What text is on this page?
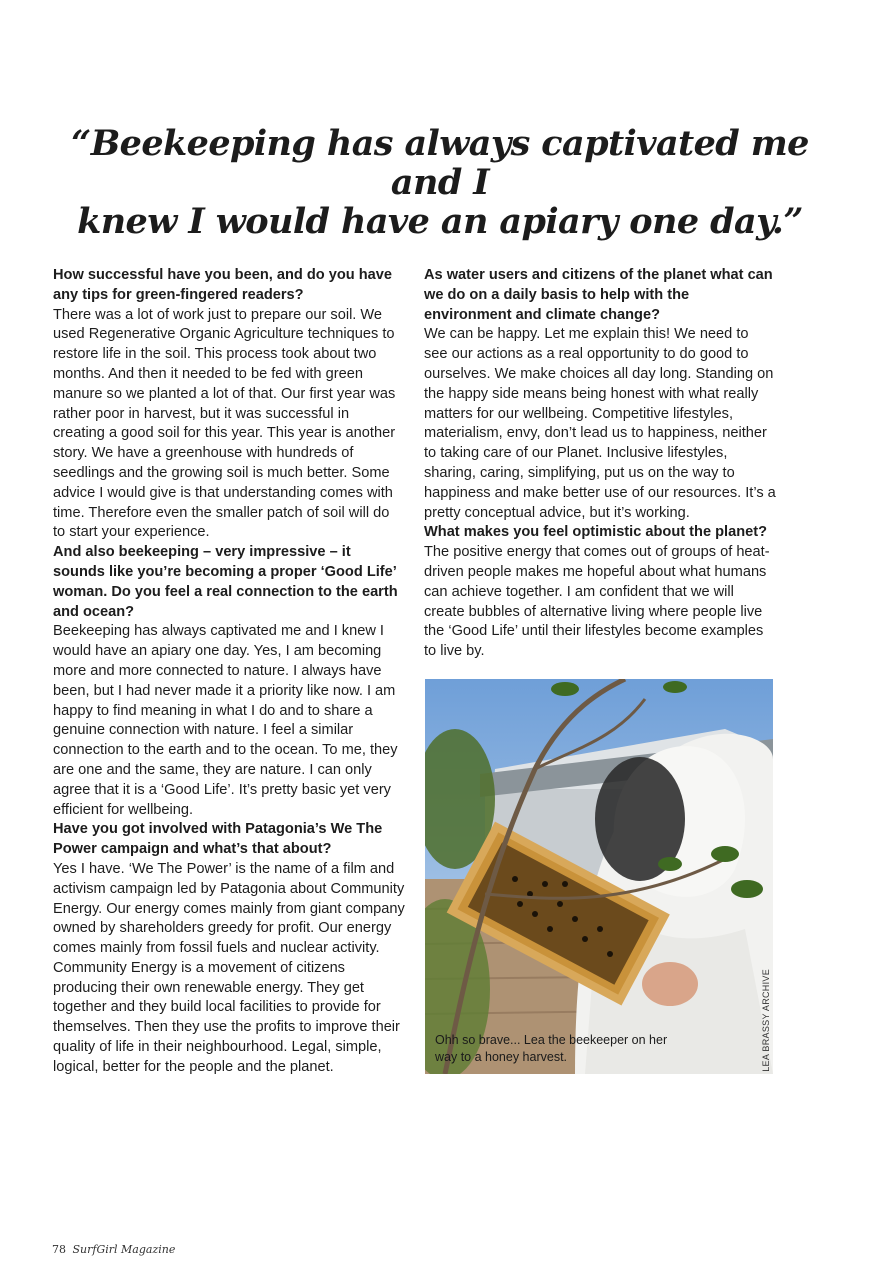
“Beekeeping has always captivated me and I
knew I would have an apiary one day.”

How successful have you been, and do you have any tips for green-fingered readers?

There was a lot of work just to prepare our soil. We used Regenerative Organic Agriculture techniques to restore life in the soil. This process took about two months. And then it needed to be fed with green manure so we planted a lot of that. Our first year was rather poor in harvest, but it was successful in creating a good soil for this year. This year is another story. We have a greenhouse with hundreds of seedlings and the growing soil is much better. Some advice I would give is that understanding comes with time. Therefore even the smaller patch of soil will do to start your experience.

And also beekeeping – very impressive – it sounds like you’re becoming a proper ‘Good Life’ woman. Do you feel a real connection to the earth and ocean?

Beekeeping has always captivated me and I knew I would have an apiary one day. Yes, I am becoming more and more connected to nature. I always have been, but I had never made it a priority like now. I am happy to find meaning in what I do and to share a genuine connection with nature. I feel a similar connection to the earth and to the ocean. To me, they are one and the same, they are nature. I can only agree that it is a ‘Good Life’. It’s pretty basic yet very efficient for wellbeing.

Have you got involved with Patagonia’s We The Power campaign and what’s that about?

Yes I have. ‘We The Power’ is the name of a film and activism campaign led by Patagonia about Community Energy. Our energy comes mainly from giant company owned by shareholders greedy for profit. Our energy comes mainly from fossil fuels and nuclear activity. Community Energy is a movement of citizens producing their own renewable energy. They get together and they build local facilities to provide for themselves. Then they use the profits to improve their quality of life in their neighbourhood. Legal, simple, logical, better for the people and the planet.

As water users and citizens of the planet what can we do on a daily basis to help with the environment and climate change?

We can be happy. Let me explain this! We need to see our actions as a real opportunity to do good to ourselves. We make choices all day long. Standing on the happy side means being honest with what really matters for our wellbeing. Competitive lifestyles, materialism, envy, don’t lead us to happiness, neither to taking care of our Planet. Inclusive lifestyles, sharing, caring, simplifying, put us on the way to happiness and make better use of our resources. It’s a pretty conceptual advice, but it’s working.

What makes you feel optimistic about the planet?

The positive energy that comes out of groups of heat-driven people makes me hopeful about what humans can achieve together. I am confident that we will create bubbles of alternative living where people live the ‘Good Life’ until their lifestyles become examples to live by.

Ohh so brave... Lea the beekeeper on her way to a honey harvest.	LEA BRASSY ARCHIVE
78 SurfGirl Magazine
